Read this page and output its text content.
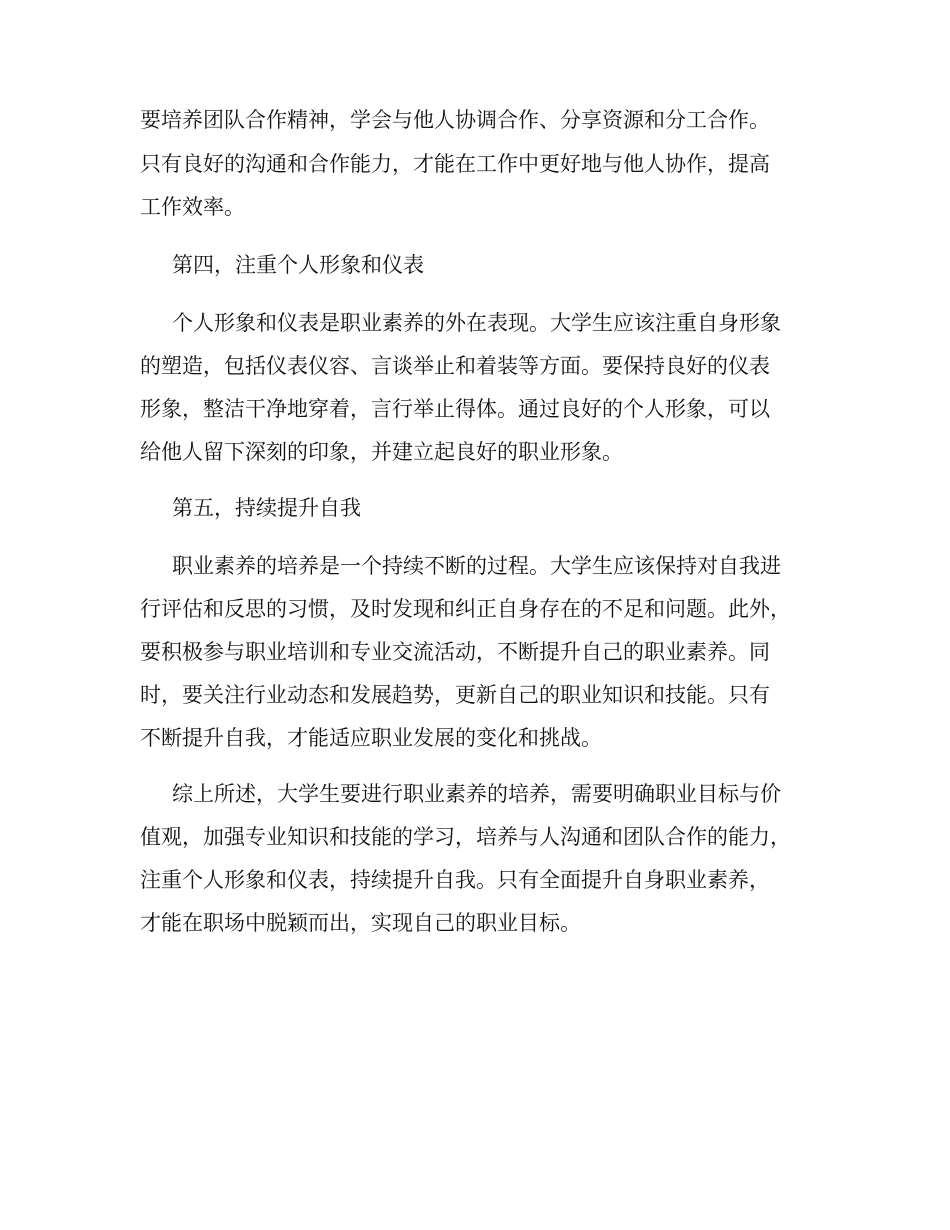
要培养团队合作精神，学会与他人协调合作、分享资源和分工合作。
只有良好的沟通和合作能力，才能在工作中更好地与他人协作，提高
工作效率。
第四，注重个人形象和仪表
个人形象和仪表是职业素养的外在表现。大学生应该注重自身形象
的塑造，包括仪表仪容、言谈举止和着装等方面。要保持良好的仪表
形象，整洁干净地穿着，言行举止得体。通过良好的个人形象，可以
给他人留下深刻的印象，并建立起良好的职业形象。
第五，持续提升自我
职业素养的培养是一个持续不断的过程。大学生应该保持对自我进
行评估和反思的习惯，及时发现和纠正自身存在的不足和问题。此外，
要积极参与职业培训和专业交流活动，不断提升自己的职业素养。同
时，要关注行业动态和发展趋势，更新自己的职业知识和技能。只有
不断提升自我，才能适应职业发展的变化和挑战。
综上所述，大学生要进行职业素养的培养，需要明确职业目标与价
值观，加强专业知识和技能的学习，培养与人沟通和团队合作的能力，
注重个人形象和仪表，持续提升自我。只有全面提升自身职业素养，
才能在职场中脱颖而出，实现自己的职业目标。
